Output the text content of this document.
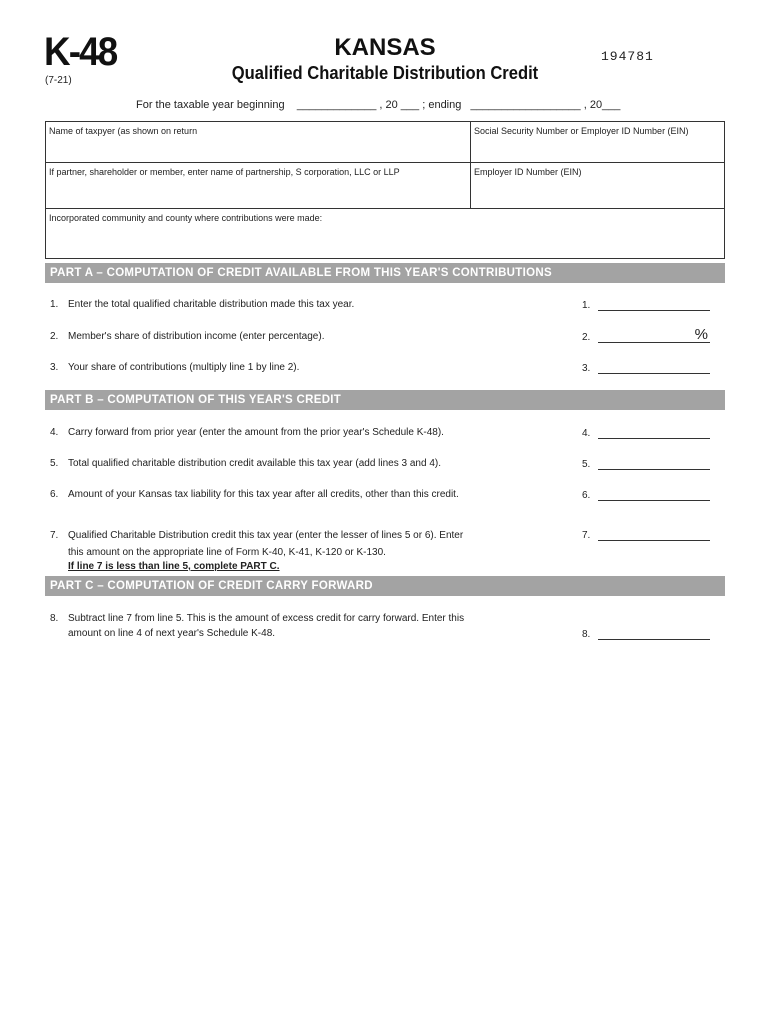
K-48
(7-21)
KANSAS
Qualified Charitable Distribution Credit
194781
For the taxable year beginning    _____________ , 20 ___ ; ending   __________________ , 20___
Name of taxpyer (as shown on return	Social Security Number or Employer ID Number (EIN)
If partner, shareholder or member, enter name of partnership, S corporation, LLC or LLP	Employer ID Number (EIN)
Incorporated community and county where contributions were made:
PART A – COMPUTATION OF CREDIT AVAILABLE FROM THIS YEAR'S CONTRIBUTIONS
1. Enter the total qualified charitable distribution made this tax year.	1.
2. Member's share of distribution income (enter percentage).	2.	%
3. Your share of contributions (multiply line 1 by line 2).	3.
PART B – COMPUTATION OF THIS YEAR'S CREDIT
4. Carry forward from prior year (enter the amount from the prior year's Schedule K-48).	4.
5. Total qualified charitable distribution credit available this tax year (add lines 3 and 4).	5.
6. Amount of your Kansas tax liability for this tax year after all credits, other than this credit.	6.
7. Qualified Charitable Distribution credit this tax year (enter the lesser of lines 5 or 6). Enter this amount on the appropriate line of Form K-40, K-41, K-120 or K-130.
7.
If line 7 is less than line 5, complete PART C.
PART C – COMPUTATION OF CREDIT CARRY FORWARD
8. Subtract line 7 from line 5. This is the amount of excess credit for carry forward. Enter this amount on line 4 of next year's Schedule K-48.	8.
